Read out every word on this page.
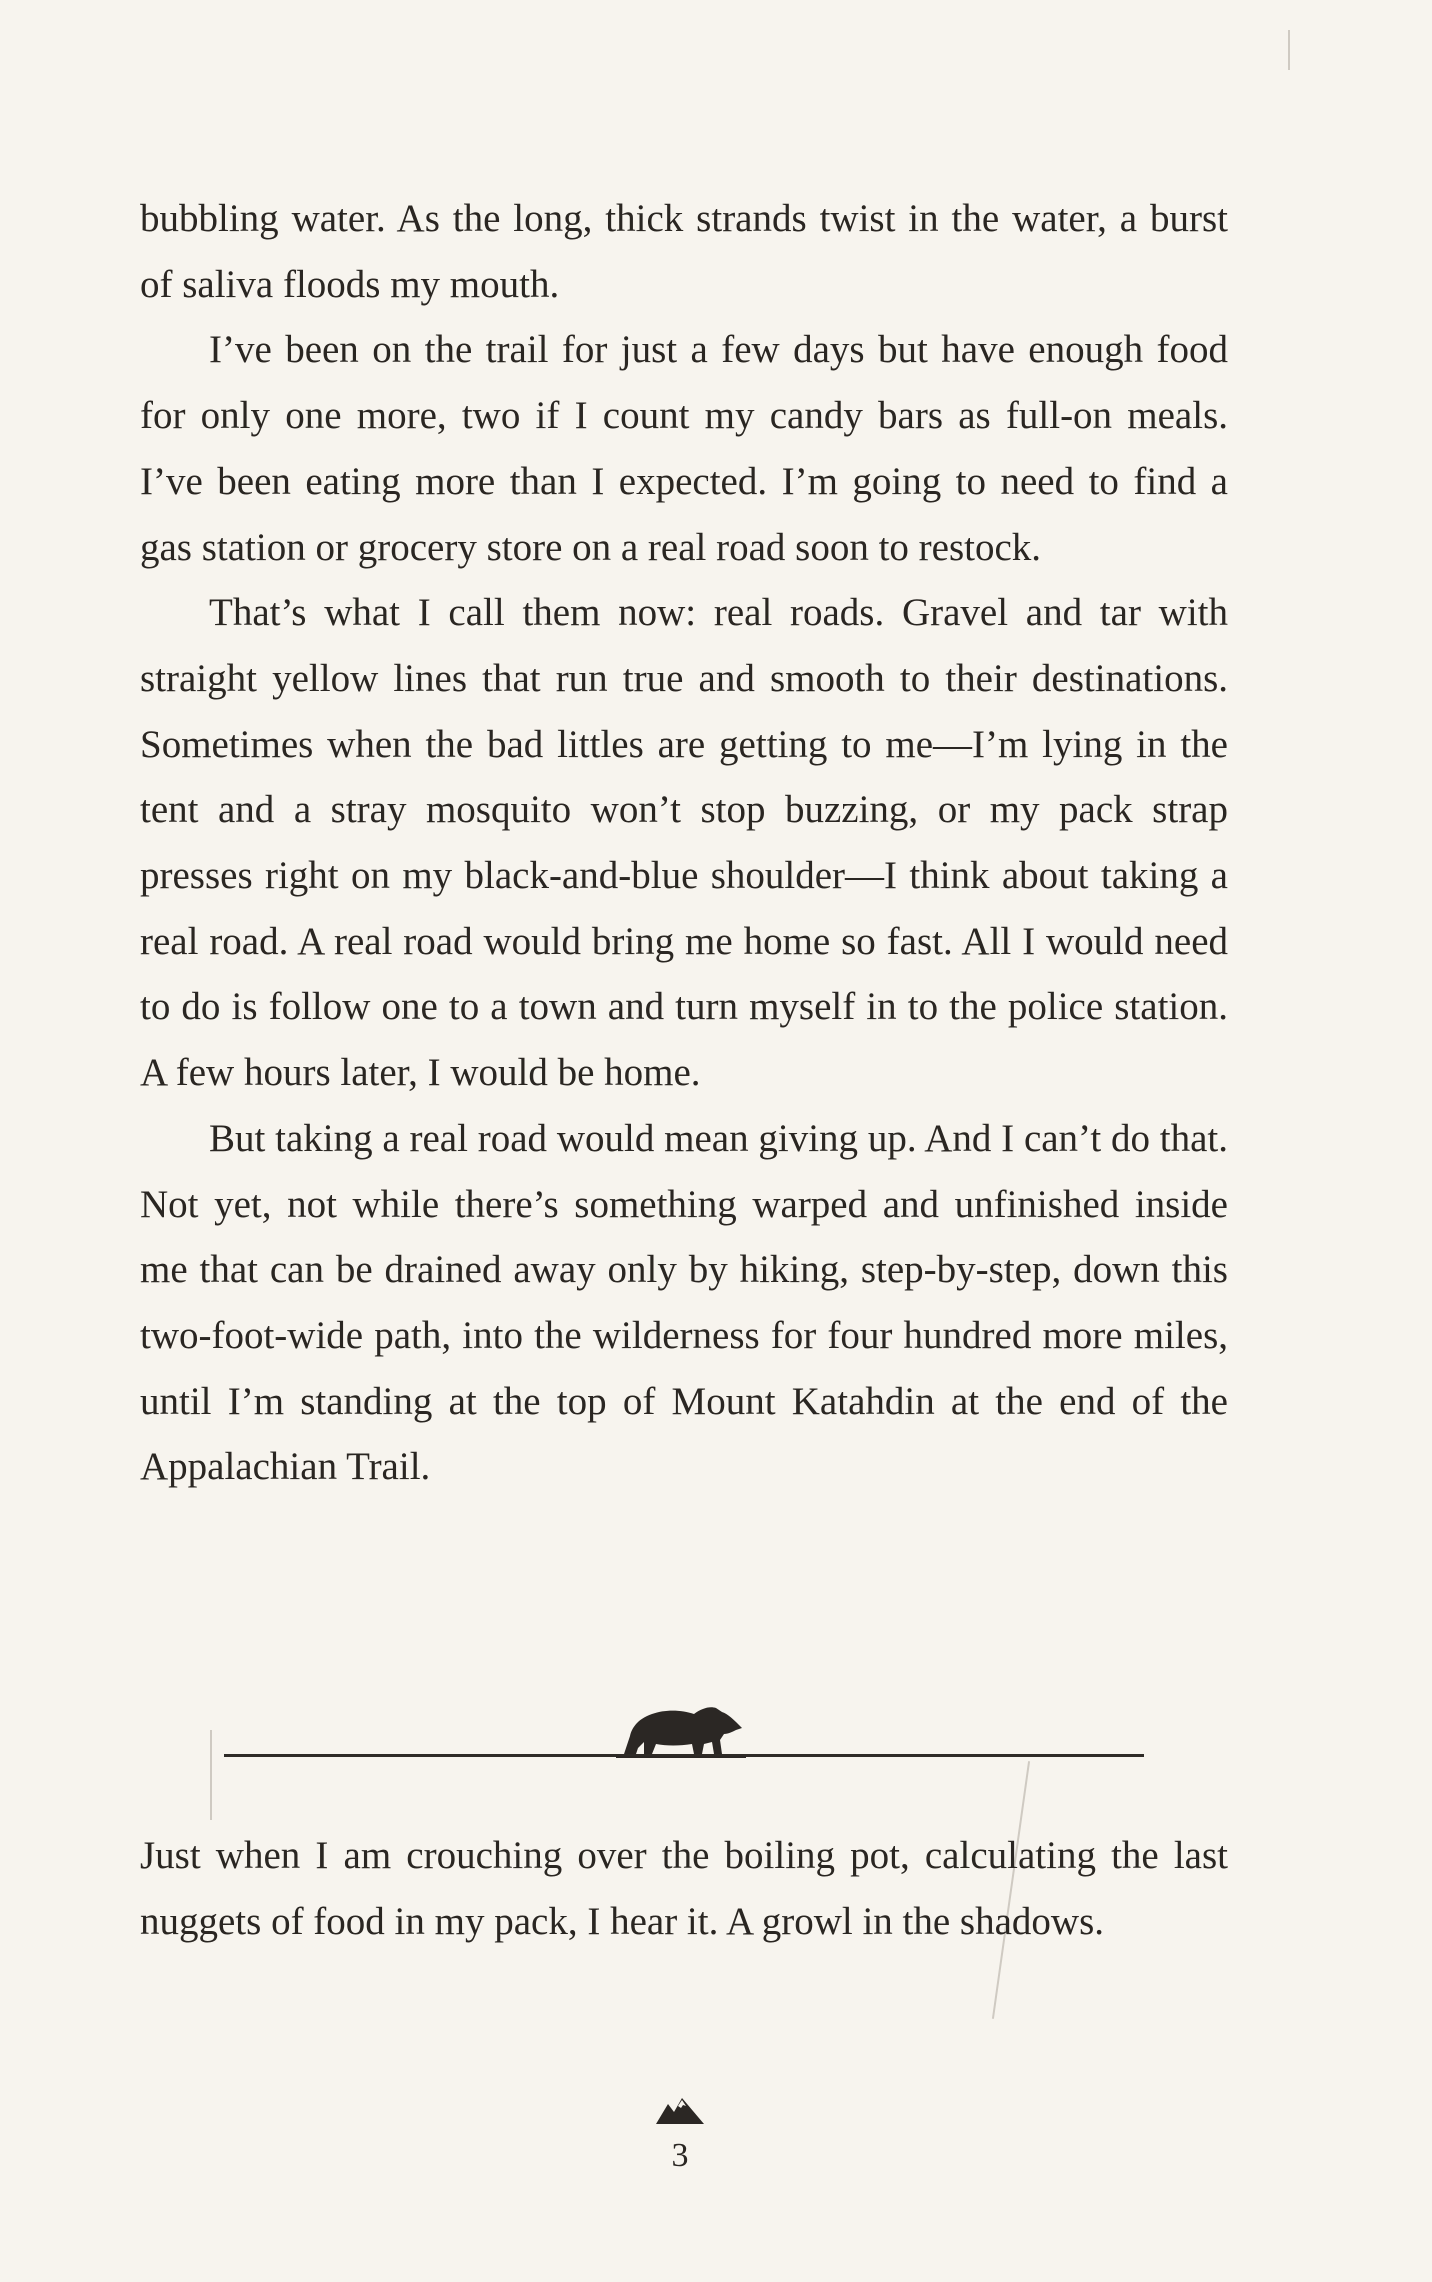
bubbling water. As the long, thick strands twist in the water, a burst of saliva floods my mouth.

I’ve been on the trail for just a few days but have enough food for only one more, two if I count my candy bars as full-on meals. I’ve been eating more than I expected. I’m going to need to find a gas station or grocery store on a real road soon to restock.

That’s what I call them now: real roads. Gravel and tar with straight yellow lines that run true and smooth to their destinations. Sometimes when the bad littles are getting to me—I’m lying in the tent and a stray mosquito won’t stop buzzing, or my pack strap presses right on my black-and-blue shoulder—I think about taking a real road. A real road would bring me home so fast. All I would need to do is follow one to a town and turn myself in to the police station. A few hours later, I would be home.

But taking a real road would mean giving up. And I can’t do that. Not yet, not while there’s something warped and unfinished inside me that can be drained away only by hiking, step-by-step, down this two-foot-wide path, into the wilderness for four hundred more miles, until I’m standing at the top of Mount Katahdin at the end of the Appalachian Trail.

Just when I am crouching over the boiling pot, calculating the last nuggets of food in my pack, I hear it. A growl in the shadows.

3
